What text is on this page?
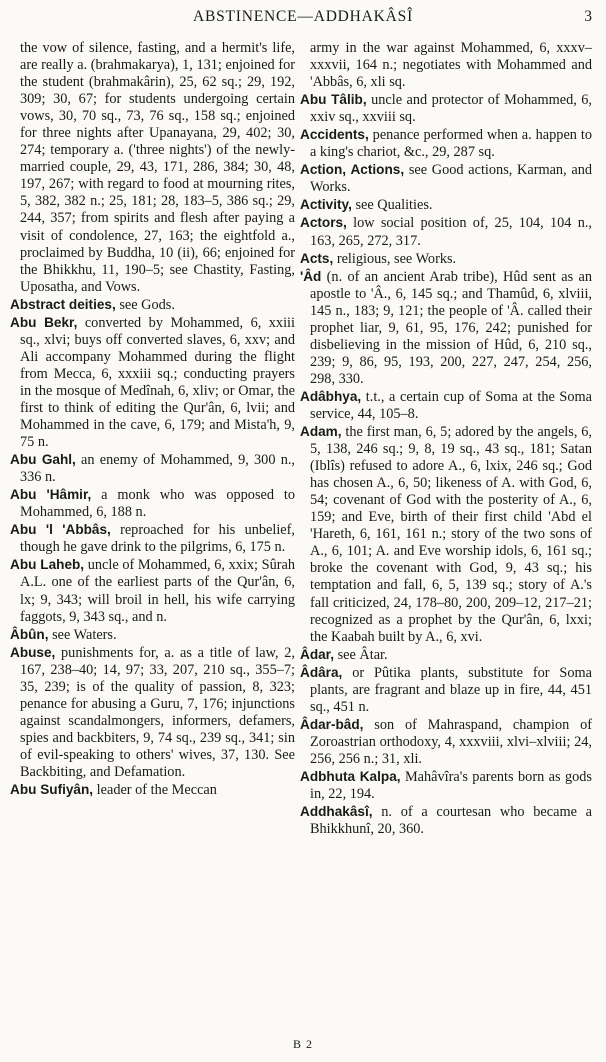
ABSTINENCE—ADDHAKÂSÎ	3

the vow of silence, fasting, and a hermit's life, are really a. (brahmakarya), 1, 131; enjoined for the student (brahmakârin), 25, 62 sq.; 29, 192, 309; 30, 67; for students undergoing certain vows, 30, 70 sq., 73, 76 sq., 158 sq.; enjoined for three nights after Upanayana, 29, 402; 30, 274; temporary a. ('three nights') of the newly-married couple, 29, 43, 171, 286, 384; 30, 48, 197, 267; with regard to food at mourning rites, 5, 382, 382 n.; 25, 181; 28, 183–5, 386 sq.; 29, 244, 357; from spirits and flesh after paying a visit of condolence, 27, 163; the eightfold a., proclaimed by Buddha, 10 (ii), 66; enjoined for the Bhikkhu, 11, 190–5; see Chastity, Fasting, Uposatha, and Vows.

Abstract deities, see Gods.

Abu Bekr, converted by Mohammed, 6, xxiii sq., xlvi; buys off converted slaves, 6, xxv; and Ali accompany Mohammed during the flight from Mecca, 6, xxxiii sq.; conducting prayers in the mosque of Medînah, 6, xliv; or Omar, the first to think of editing the Qur'ân, 6, lvii; and Mohammed in the cave, 6, 179; and Mista'h, 9, 75 n.

Abu Gahl, an enemy of Mohammed, 9, 300 n., 336 n.

Abu 'Hâmir, a monk who was opposed to Mohammed, 6, 188 n.

Abu 'l 'Abbâs, reproached for his unbelief, though he gave drink to the pilgrims, 6, 175 n.

Abu Laheb, uncle of Mohammed, 6, xxix; Sûrah A.L. one of the earliest parts of the Qur'ân, 6, lx; 9, 343; will broil in hell, his wife carrying faggots, 9, 343 sq., and n.

Âbûn, see Waters.

Abuse, punishments for, a. as a title of law, 2, 167, 238–40; 14, 97; 33, 207, 210 sq., 355–7; 35, 239; is of the quality of passion, 8, 323; penance for abusing a Guru, 7, 176; injunctions against scandalmongers, informers, defamers, spies and backbiters, 9, 74 sq., 239 sq., 341; sin of evil-speaking to others' wives, 37, 130. See Backbiting, and Defamation.

Abu Sufiyân, leader of the Meccan

army in the war against Mohammed, 6, xxxv–xxxvii, 164 n.; negotiates with Mohammed and 'Abbâs, 6, xli sq.

Abu Tâlib, uncle and protector of Mohammed, 6, xxiv sq., xxviii sq.

Accidents, penance performed when a. happen to a king's chariot, &c., 29, 287 sq.

Action, Actions, see Good actions, Karman, and Works.

Activity, see Qualities.

Actors, low social position of, 25, 104, 104 n., 163, 265, 272, 317.

Acts, religious, see Works.

'Âd (n. of an ancient Arab tribe), Hûd sent as an apostle to 'Â., 6, 145 sq.; and Thamûd, 6, xlviii, 145 n., 183; 9, 121; the people of 'Â. called their prophet liar, 9, 61, 95, 176, 242; punished for disbelieving in the mission of Hûd, 6, 210 sq., 239; 9, 86, 95, 193, 200, 227, 247, 254, 256, 298, 330.

Adâbhya, t.t., a certain cup of Soma at the Soma service, 44, 105–8.

Adam, the first man, 6, 5; adored by the angels, 6, 5, 138, 246 sq.; 9, 8, 19 sq., 43 sq., 181; Satan (Iblîs) refused to adore A., 6, lxix, 246 sq.; God has chosen A., 6, 50; likeness of A. with God, 6, 54; covenant of God with the posterity of A., 6, 159; and Eve, birth of their first child 'Abd el 'Hareth, 6, 161, 161 n.; story of the two sons of A., 6, 101; A. and Eve worship idols, 6, 161 sq.; broke the covenant with God, 9, 43 sq.; his temptation and fall, 6, 5, 139 sq.; story of A.'s fall criticized, 24, 178–80, 200, 209–12, 217–21; recognized as a prophet by the Qur'ân, 6, lxxi; the Kaabah built by A., 6, xvi.

Âdar, see Âtar.

Âdâra, or Pûtika plants, substitute for Soma plants, are fragrant and blaze up in fire, 44, 451 sq., 451 n.

Âdar-bâd, son of Mahraspand, champion of Zoroastrian orthodoxy, 4, xxxviii, xlvi–xlviii; 24, 256, 256 n.; 31, xli.

Adbhuta Kalpa, Mahâvîra's parents born as gods in, 22, 194.

Addhakâsî, n. of a courtesan who became a Bhikkhunî, 20, 360.

B 2
